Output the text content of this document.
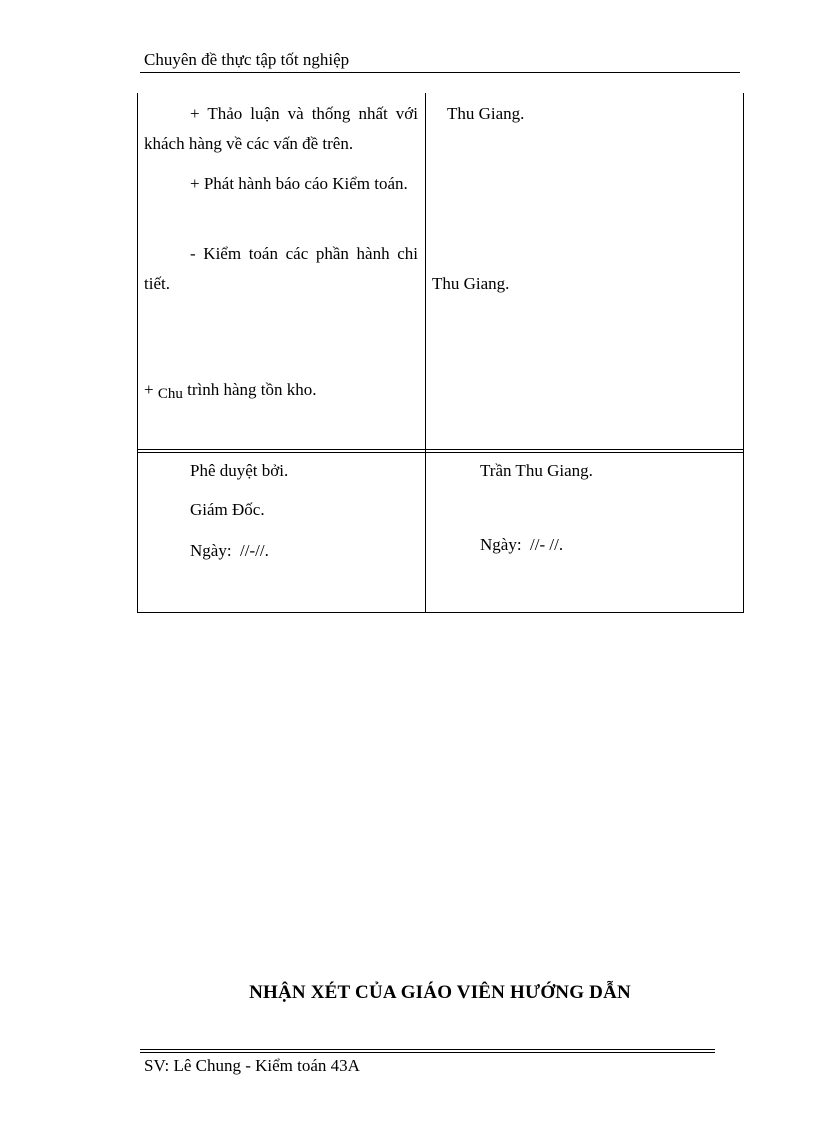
Chuyên đề thực tập tốt nghiệp
+ Thảo luận và thống nhất với khách hàng về các vấn đề trên.
+ Phát hành báo cáo Kiểm toán.
- Kiểm toán các phần hành chi tiết.
+ Chu trình hàng tồn kho.
Thu Giang.
Thu Giang.
Phê duyệt bởi.
Giám Đốc.
Ngày:  //-//.
Trần Thu Giang.
Ngày:  //- //.
NHẬN XÉT CỦA GIÁO VIÊN HƯỚNG DẪN
SV: Lê Chung - Kiểm toán 43A
